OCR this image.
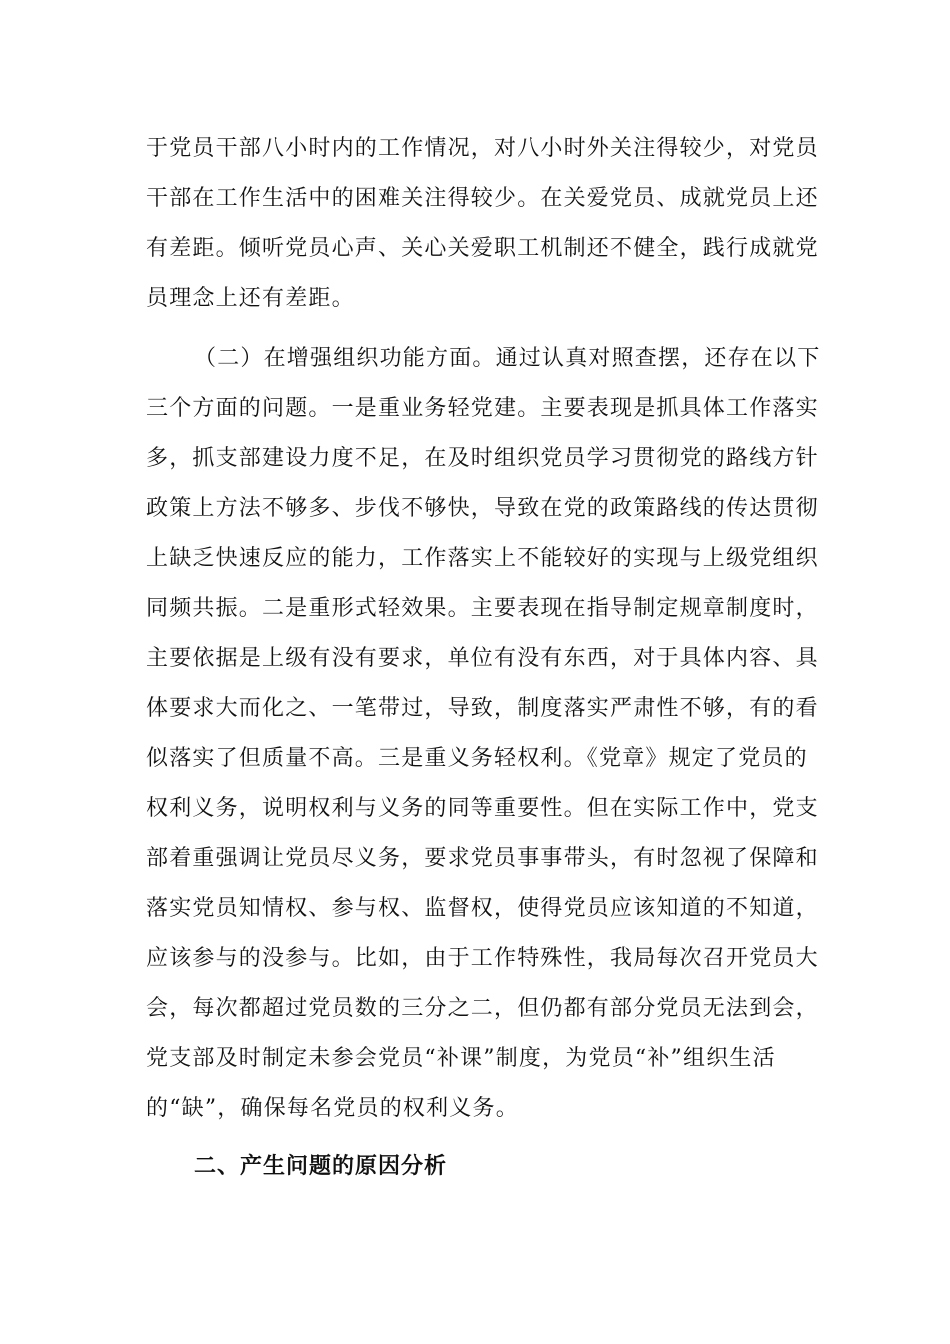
于党员干部八小时内的工作情况，对八小时外关注得较少，对党员
干部在工作生活中的困难关注得较少。在关爱党员、成就党员上还
有差距。倾听党员心声、关心关爱职工机制还不健全，践行成就党
员理念上还有差距。
（二）在增强组织功能方面。通过认真对照查摆，还存在以下
三个方面的问题。一是重业务轻党建。主要表现是抓具体工作落实
多，抓支部建设力度不足，在及时组织党员学习贯彻党的路线方针
政策上方法不够多、步伐不够快，导致在党的政策路线的传达贯彻
上缺乏快速反应的能力，工作落实上不能较好的实现与上级党组织
同频共振。二是重形式轻效果。主要表现在指导制定规章制度时，
主要依据是上级有没有要求，单位有没有东西，对于具体内容、具
体要求大而化之、一笔带过，导致，制度落实严肃性不够，有的看
似落实了但质量不高。三是重义务轻权利。《党章》规定了党员的
权利义务，说明权利与义务的同等重要性。但在实际工作中，党支
部着重强调让党员尽义务，要求党员事事带头，有时忽视了保障和
落实党员知情权、参与权、监督权，使得党员应该知道的不知道，
应该参与的没参与。比如，由于工作特殊性，我局每次召开党员大
会，每次都超过党员数的三分之二，但仍都有部分党员无法到会，
党支部及时制定未参会党员“补课”制度，为党员“补”组织生活
的“缺”，确保每名党员的权利义务。
二、产生问题的原因分析
